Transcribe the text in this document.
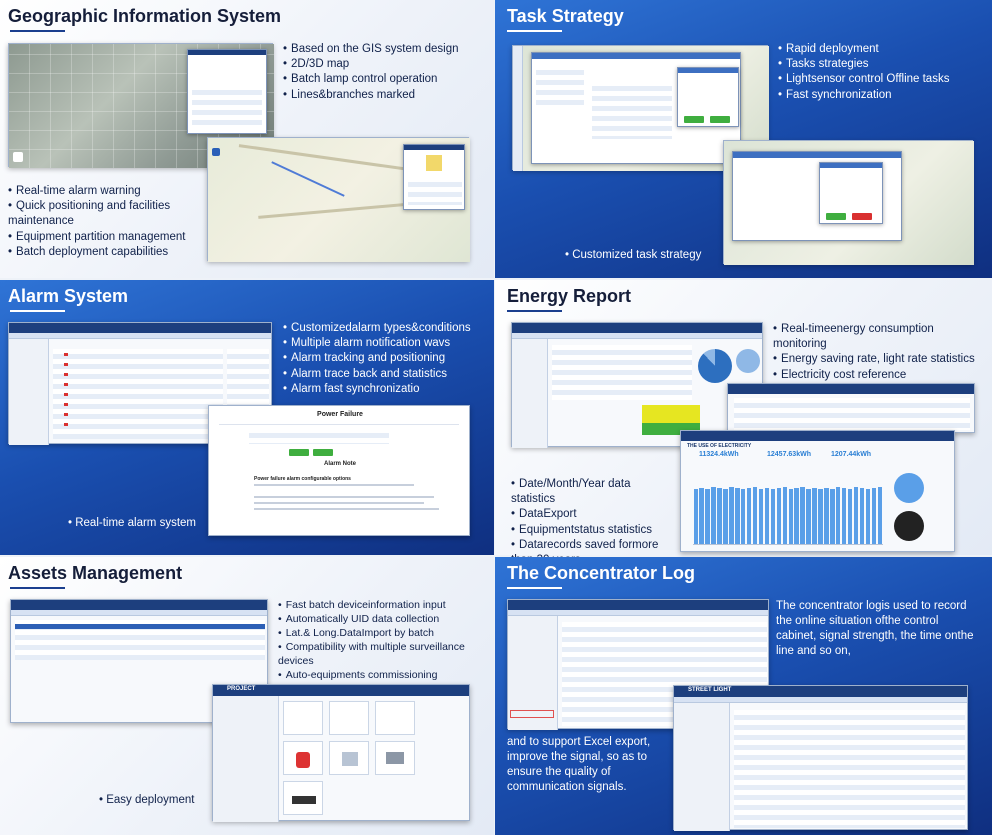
Geographic Information System
• Based on the GIS system design
• 2D/3D map
• Batch lamp control operation
• Lines&branches marked
• Real-time alarm warning
• Quick positioning and facilities maintenance
• Equipment partition management
• Batch deployment capabilities
Task Strategy
• Rapid deployment
• Tasks strategies
• Lightsensor control Offline tasks
• Fast synchronization
• Customized task strategy
Alarm System
• Customizedalarm types&conditions
• Multiple alarm notification wavs
• Alarm tracking and positioning
• Alarm trace back and statistics
• Alarm fast synchronizatio
Power Failure
Alarm Note
Power failure alarm configurable options
• Real-time alarm system
Energy Report
• Real-timeenergy consumption monitoring
• Energy saving rate, light rate statistics
• Electricity cost reference
THE USE OF ELECTRICITY
11324.4kWh	12457.63kWh	1207.44kWh
• Date/Month/Year data statistics
• DataExport
• Equipmentstatus statistics
• Datarecords saved formore
Assets Management
• Fast batch deviceinformation input
• Automatically UID data collection
• Lat.& Long.DataImport by batch
• Compatibility with multiple surveillance devices
• Auto-equipments commissioning
PROJECT
• Easy deployment
The Concentrator Log
The concentrator logis used to record the online situation ofthe control cabinet, signal strength, the time onthe line and so on,
STREET LIGHT
and to support Excel export, improve the signal, so as to ensure the quality of communication signals.
